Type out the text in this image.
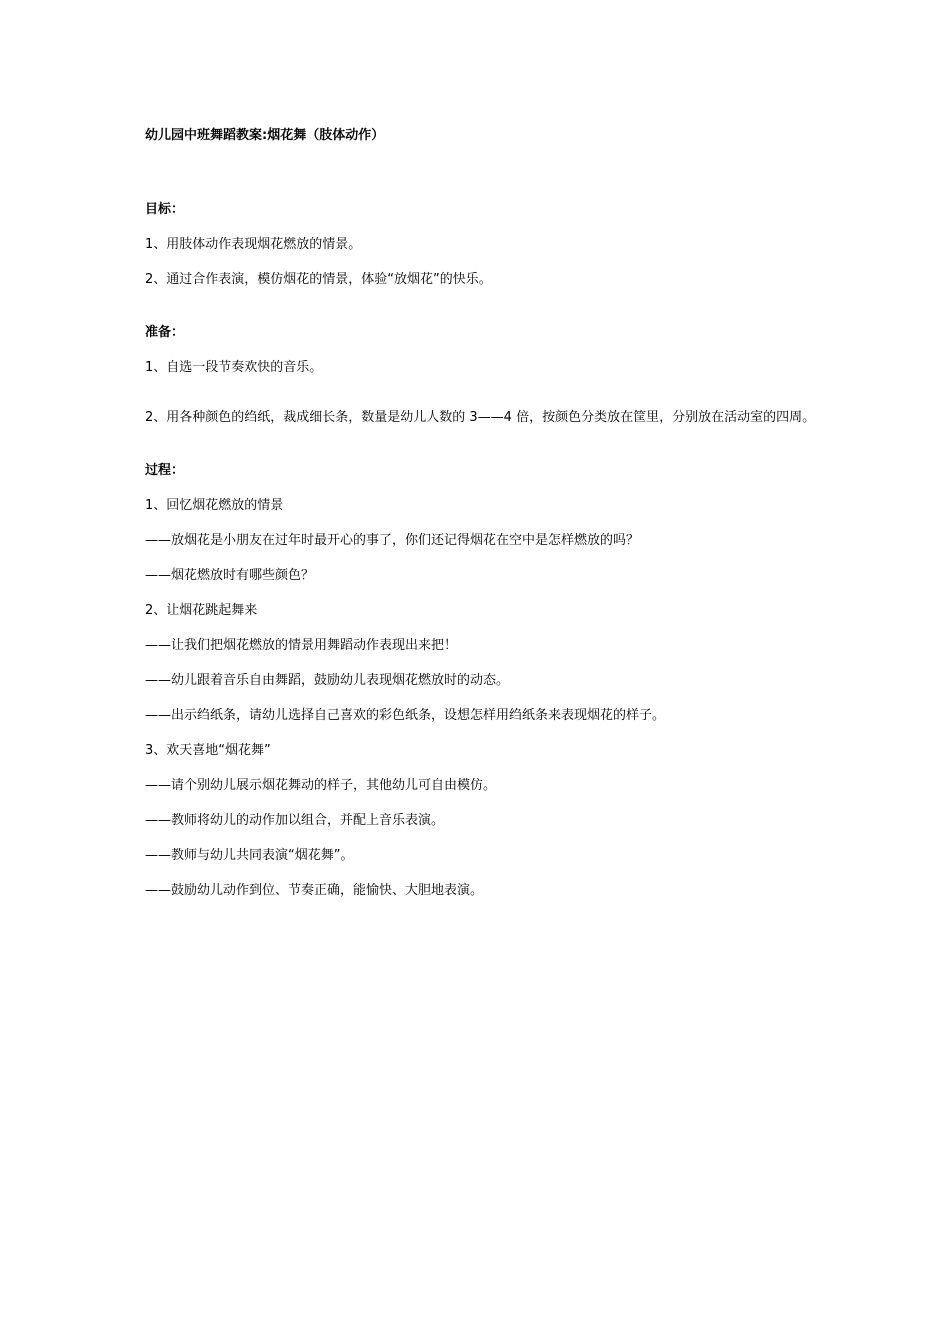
幼儿园中班舞蹈教案:烟花舞（肢体动作）

目标：

1、用肢体动作表现烟花燃放的情景。

2、通过合作表演，模仿烟花的情景，体验“放烟花”的快乐。

准备：

1、自选一段节奏欢快的音乐。

2、用各种颜色的绉纸，裁成细长条，数量是幼儿人数的 3——4 倍，按颜色分类放在筐里，分别放在活动室的四周。

过程：

1、回忆烟花燃放的情景

——放烟花是小朋友在过年时最开心的事了，你们还记得烟花在空中是怎样燃放的吗？

——烟花燃放时有哪些颜色？

2、让烟花跳起舞来

——让我们把烟花燃放的情景用舞蹈动作表现出来把！

——幼儿跟着音乐自由舞蹈，鼓励幼儿表现烟花燃放时的动态。

——出示绉纸条，请幼儿选择自己喜欢的彩色纸条，设想怎样用绉纸条来表现烟花的样子。

3、欢天喜地“烟花舞”

——请个别幼儿展示烟花舞动的样子，其他幼儿可自由模仿。

——教师将幼儿的动作加以组合，并配上音乐表演。

——教师与幼儿共同表演“烟花舞”。

——鼓励幼儿动作到位、节奏正确，能愉快、大胆地表演。
